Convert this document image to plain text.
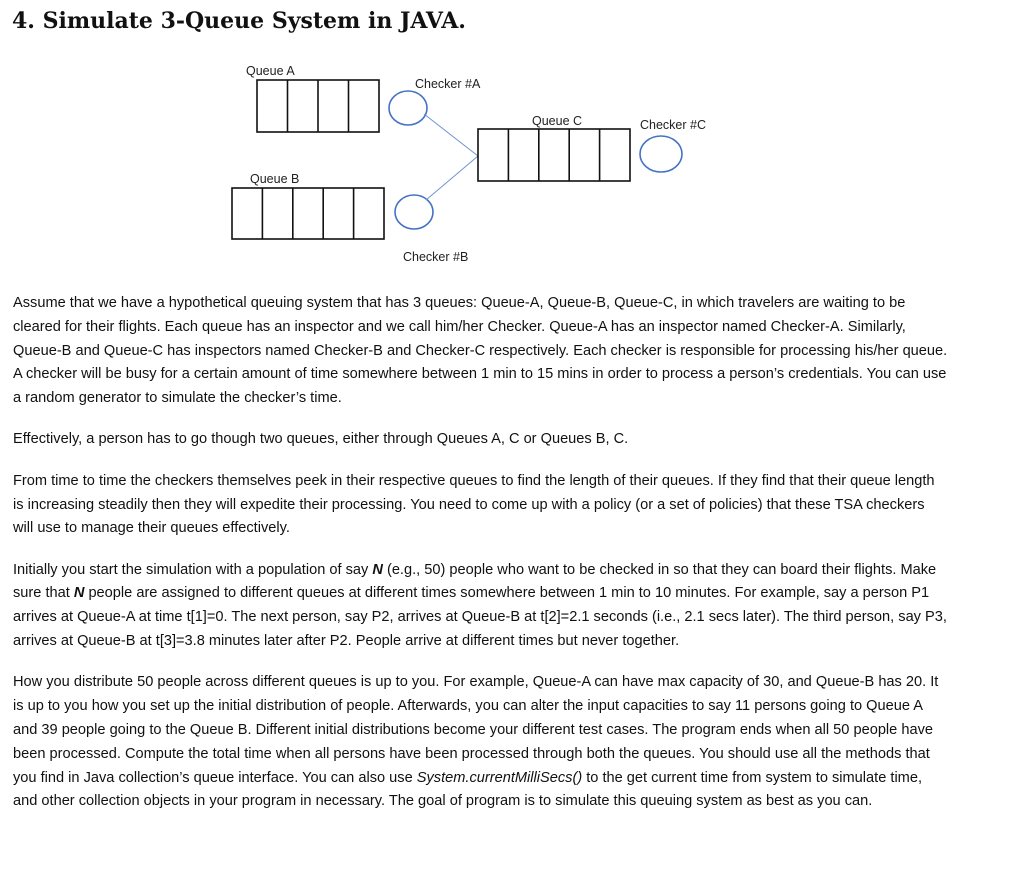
4. Simulate 3-Queue System in JAVA.
Queue A
Checker #A
Queue B
Checker #B
Queue C	Checker #C

Assume that we have a hypothetical queuing system that has 3 queues: Queue-A, Queue-B, Queue-C, in which travelers are waiting to be cleared for their flights. Each queue has an inspector and we call him/her Checker. Queue-A has an inspector named Checker-A. Similarly, Queue-B and Queue-C has inspectors named Checker-B and Checker-C respectively. Each checker is responsible for processing his/her queue. A checker will be busy for a certain amount of time somewhere between 1 min to 15 mins in order to process a person’s credentials. You can use a random generator to simulate the checker’s time.

Effectively, a person has to go though two queues, either through Queues A, C or Queues B, C.

From time to time the checkers themselves peek in their respective queues to find the length of their queues. If they find that their queue length is increasing steadily then they will expedite their processing. You need to come up with a policy (or a set of policies) that these TSA checkers will use to manage their queues effectively.

Initially you start the simulation with a population of say N (e.g., 50) people who want to be checked in so that they can board their flights. Make sure that N people are assigned to different queues at different times somewhere between 1 min to 10 minutes. For example, say a person P1 arrives at Queue-A at time t[1]=0. The next person, say P2, arrives at Queue-B at t[2]=2.1 seconds (i.e., 2.1 secs later). The third person, say P3, arrives at Queue-B at t[3]=3.8 minutes later after P2. People arrive at different times but never together.

How you distribute 50 people across different queues is up to you. For example, Queue-A can have max capacity of 30, and Queue-B has 20. It is up to you how you set up the initial distribution of people. Afterwards, you can alter the input capacities to say 11 persons going to Queue A and 39 people going to the Queue B. Different initial distributions become your different test cases. The program ends when all 50 people have been processed. Compute the total time when all persons have been processed through both the queues. You should use all the methods that you find in Java collection’s queue interface. You can also use System.currentMilliSecs() to the get current time from system to simulate time, and other collection objects in your program in necessary. The goal of program is to simulate this queuing system as best as you can.
